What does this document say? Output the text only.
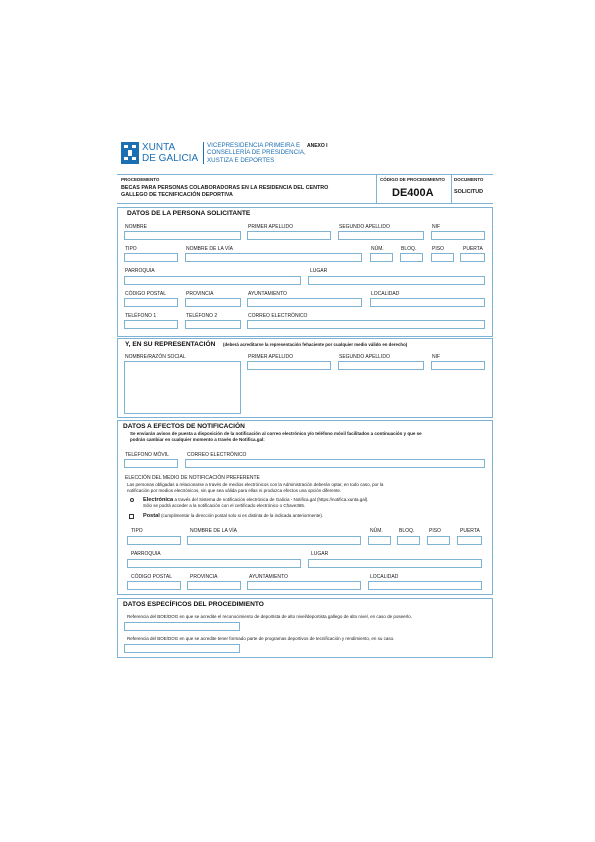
XUNTA
DE GALICIA
VICEPRESIDENCIA PRIMEIRA E
CONSELLERÍA DE PRESIDENCIA,
XUSTIZA E DEPORTES
ANEXO I
PROCEDEMENTO
BECAS PARA PERSONAS COLABORADORAS EN LA RESIDENCIA DEL CENTRO
GALLEGO DE TECNIFICACIÓN DEPORTIVA
CÓDIGO DE PROCEDIMIENTO
DE400A
DOCUMENTO
SOLICITUD
DATOS DE LA PERSONA SOLICITANTE
NOMBRE	PRIMER APELLIDO	SEGUNDO APELLIDO	NIF
TIPO	NOMBRE DE LA VÍA	NÚM.	BLOQ.	PISO	PUERTA
PARROQUIA	LUGAR
CÓDIGO POSTAL	PROVINCIA	AYUNTAMIENTO	LOCALIDAD
TELÉFONO 1	TELÉFONO 2	CORREO ELECTRÓNICO
Y, EN SU REPRESENTACIÓN (deberá acreditarse la representación fehaciente por cualquier medio válido en derecho)
NOMBRE/RAZÓN SOCIAL	PRIMER APELLIDO	SEGUNDO APELLIDO	NIF
DATOS A EFECTOS DE NOTIFICACIÓN
Se enviarán avisos de puesta a disposición de la notificación al correo electrónico y/o teléfono móvil facilitados a continuación y que se
podrán cambiar en cualquier momento a través de Notifica.gal:
TELÉFONO MÓVIL	CORREO ELECTRÓNICO
ELECCIÓN DEL MEDIO DE NOTIFICACIÓN PREFERENTE
Las personas obligadas a relacionarse a través de medios electrónicos con la Administración deberán optar, en todo caso, por la
notificación por medios electrónicos, sin que sea válida para ellas ni produzca efectos una opción diferente.
Electrónica a través del Sistema de notificación electrónica de Galicia - Notifica.gal (https://notifica.xunta.gal).
Sólo se podrá acceder a la notificación con el certificado electrónico o Chave365.
Postal (cumplimentar la dirección postal solo si es distinta de la indicada anteriormente).
TIPO	NOMBRE DE LA VÍA	NÚM.	BLOQ.	PISO	PUERTA
PARROQUIA	LUGAR
CÓDIGO POSTAL	PROVINCIA	AYUNTAMIENTO	LOCALIDAD
DATOS ESPECÍFICOS DEL PROCEDIMIENTO
Referencia del BOE/DOG en que se acredite el reconocimiento de deportista de alto nivel/deportista gallego de alto nivel, en caso de poseerlo.
Referencia del BOE/DOG en que se acredite tener formado parte de programas deportivos de tecnificación y rendimiento, en su caso.
